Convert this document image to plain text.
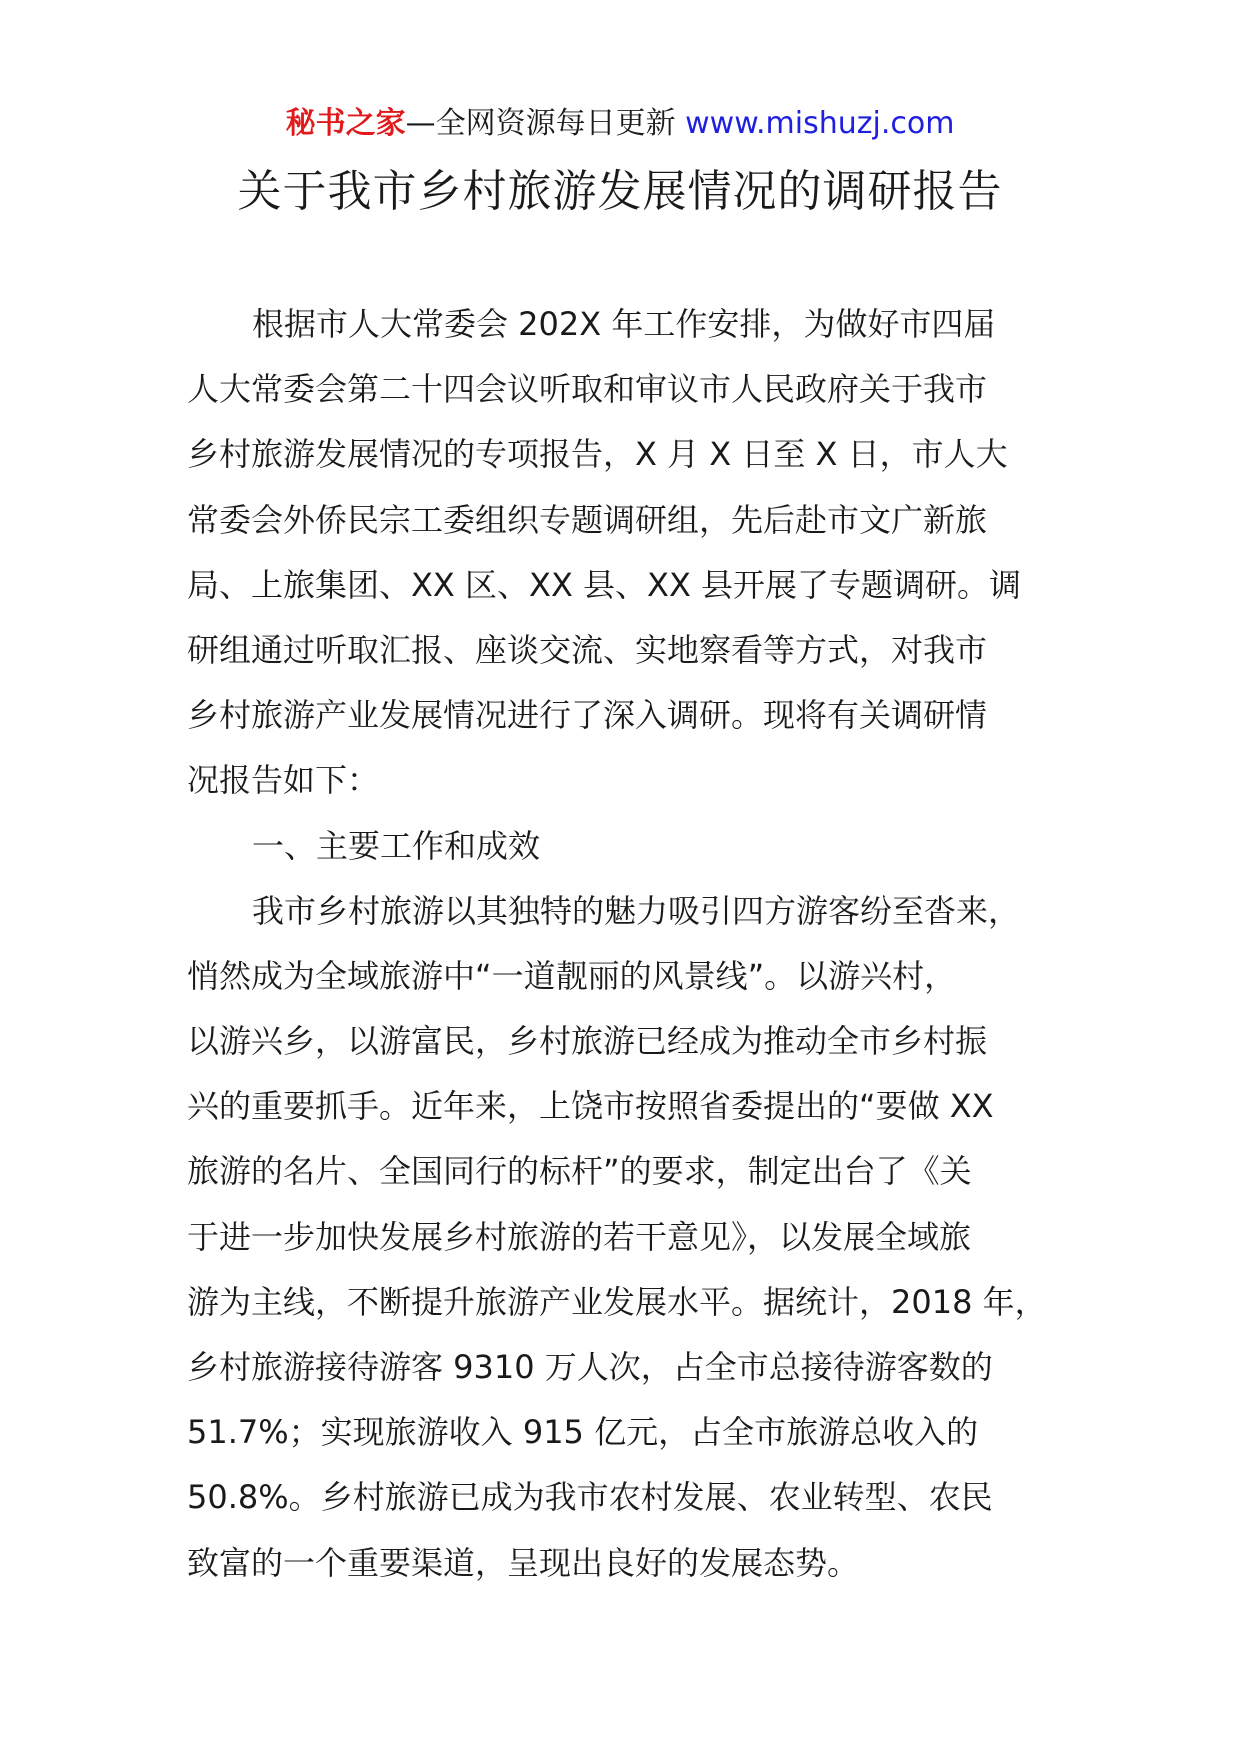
秘书之家—全网资源每日更新 www.mishuzj.com
关于我市乡村旅游发展情况的调研报告
根据市人大常委会 202X 年工作安排，为做好市四届
人大常委会第二十四会议听取和审议市人民政府关于我市
乡村旅游发展情况的专项报告，X 月 X 日至 X 日，市人大
常委会外侨民宗工委组织专题调研组，先后赴市文广新旅
局、上旅集团、XX 区、XX 县、XX 县开展了专题调研。调
研组通过听取汇报、座谈交流、实地察看等方式，对我市
乡村旅游产业发展情况进行了深入调研。现将有关调研情
况报告如下：
一、主要工作和成效
我市乡村旅游以其独特的魅力吸引四方游客纷至沓来，
悄然成为全域旅游中“一道靓丽的风景线”。以游兴村，
以游兴乡，以游富民，乡村旅游已经成为推动全市乡村振
兴的重要抓手。近年来，上饶市按照省委提出的“要做 XX
旅游的名片、全国同行的标杆”的要求，制定出台了《关
于进一步加快发展乡村旅游的若干意见》，以发展全域旅
游为主线，不断提升旅游产业发展水平。据统计，2018 年，
乡村旅游接待游客 9310 万人次，占全市总接待游客数的
51.7%；实现旅游收入 915 亿元，占全市旅游总收入的
50.8%。乡村旅游已成为我市农村发展、农业转型、农民
致富的一个重要渠道，呈现出良好的发展态势。
